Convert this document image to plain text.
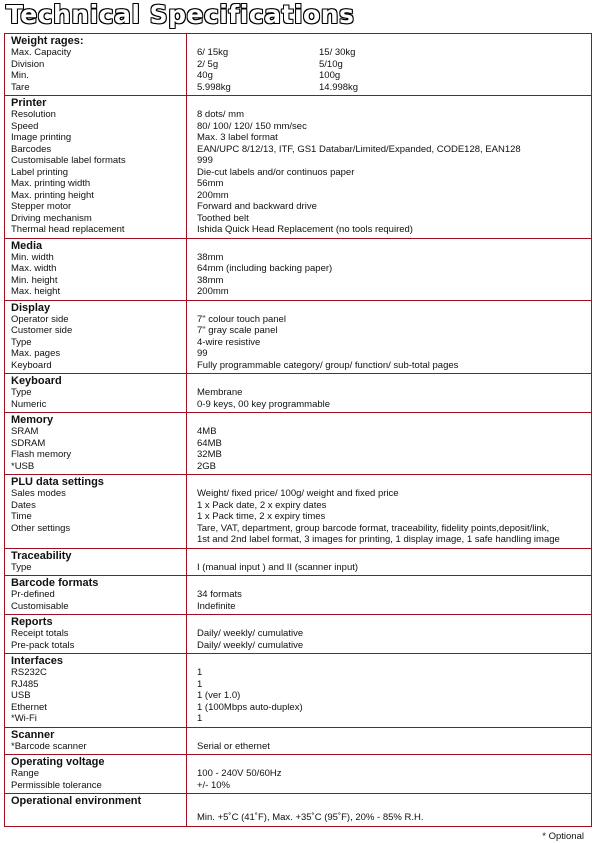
Technical Specifications
Weight rages:
Max. Capacity	6/ 15kg	15/ 30kg
Division	2/ 5g	5/10g
Min.	40g	100g
Tare	5.998kg	14.998kg
Printer
Resolution	8 dots/ mm
Speed	80/ 100/ 120/ 150 mm/sec
Image printing	Max. 3 label format
Barcodes	EAN/UPC 8/12/13, ITF, GS1 Databar/Limited/Expanded, CODE128, EAN128
Customisable label formats	999
Label printing	Die-cut labels and/or continuos paper
Max. printing width	56mm
Max. printing height	200mm
Stepper motor	Forward and backward drive
Driving mechanism	Toothed belt
Thermal head replacement	Ishida Quick Head Replacement (no tools required)
Media
Min. width	38mm
Max. width	64mm (including backing paper)
Min. height	38mm
Max. height	200mm
Display
Operator side	7" colour touch panel
Customer side	7" gray scale panel
Type	4-wire resistive
Max. pages	99
Keyboard	Fully programmable category/ group/ function/ sub-total pages
Keyboard
Type	Membrane
Numeric	0-9 keys, 00 key programmable
Memory
SRAM	4MB
SDRAM	64MB
Flash memory	32MB
*USB	2GB
PLU data settings
Sales modes	Weight/ fixed price/ 100g/ weight and fixed price
Dates	1 x Pack date, 2 x expiry dates
Time	1 x Pack time, 2 x expiry times
Other settings	Tare, VAT, department, group barcode format, traceability, fidelity points,deposit/link,
1st and 2nd label format, 3 images for printing, 1 display image, 1 safe handling image
Traceability
Type	I (manual input ) and II (scanner input)
Barcode formats
Pr-defined	34 formats
Customisable	Indefinite
Reports
Receipt totals	Daily/ weekly/ cumulative
Pre-pack totals	Daily/ weekly/ cumulative
Interfaces
RS232C	1
RJ485	1
USB	1 (ver 1.0)
Ethernet	1 (100Mbps auto-duplex)
*Wi-Fi	1
Scanner
*Barcode scanner	Serial or ethernet
Operating voltage
Range	100 - 240V 50/60Hz
Permissible tolerance	+/- 10%
Operational environment
Min. +5˚C (41˚F), Max. +35˚C (95˚F), 20% - 85% R.H.
* Optional
